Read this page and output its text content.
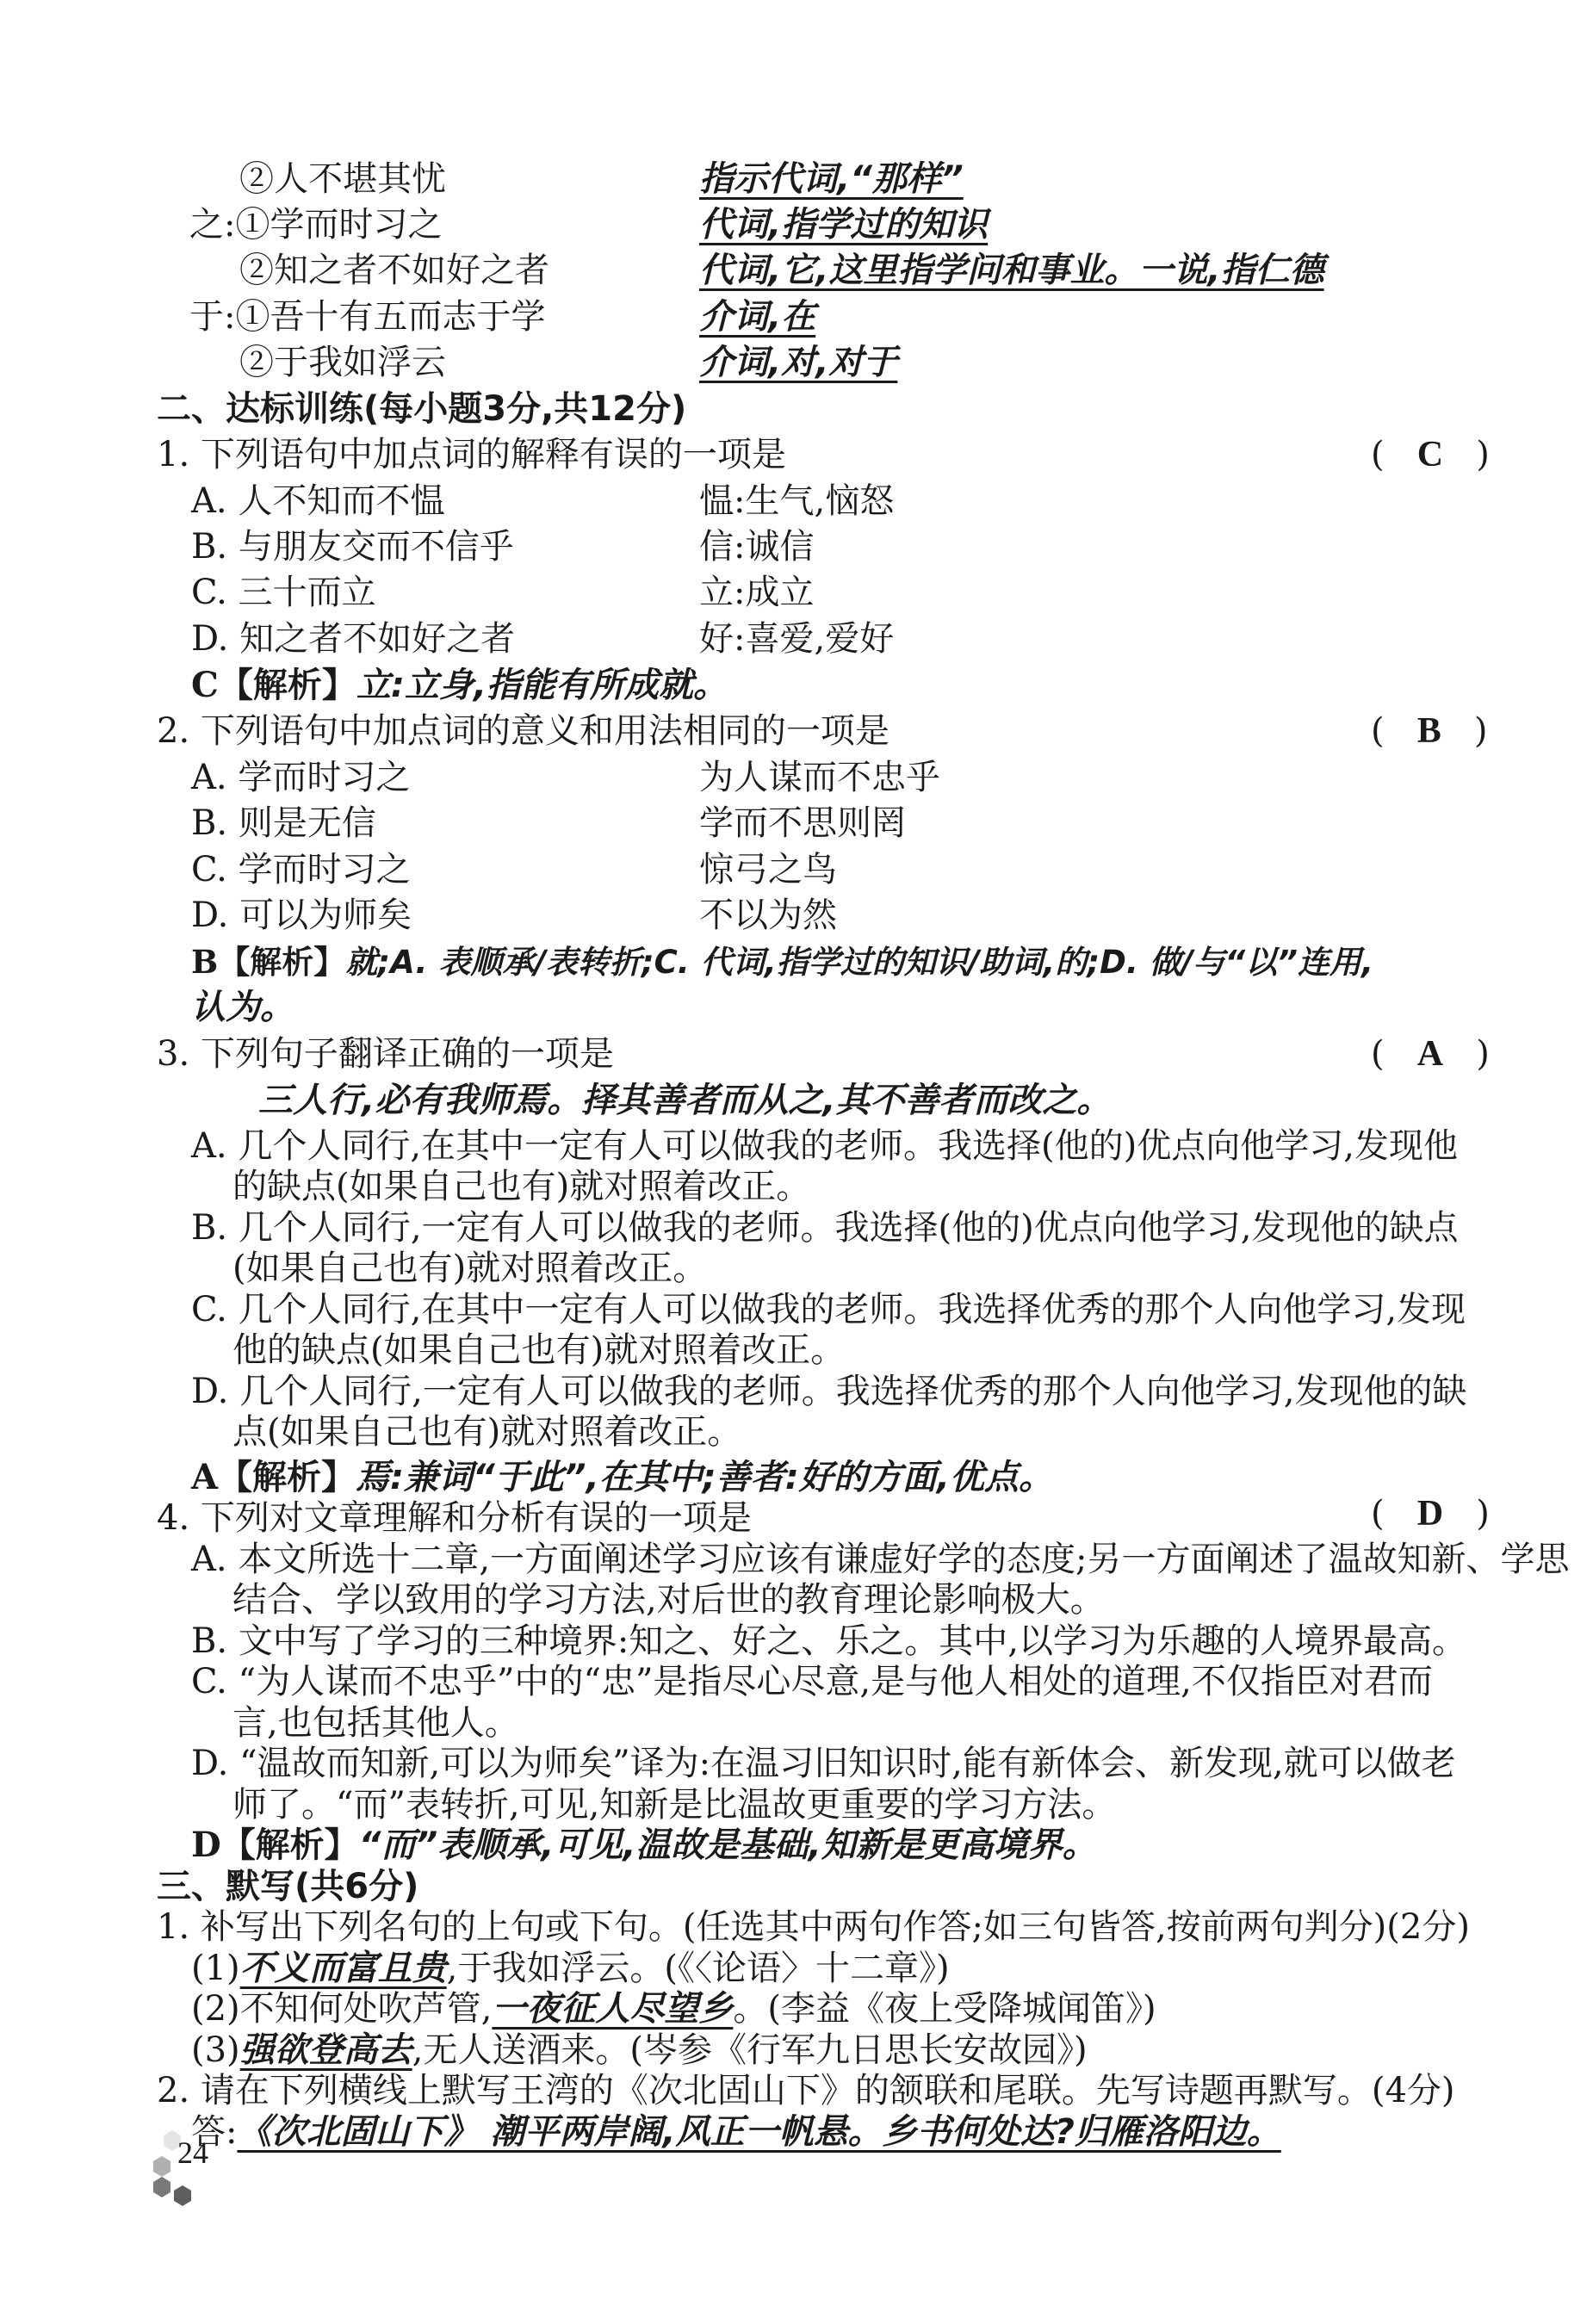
②人不堪其忧	指示代词,“那样”
之:①学而时习之	代词,指学过的知识
②知之者不如好之者	代词,它,这里指学问和事业。一说,指仁德
于:①吾十有五而志于学	介词,在
②于我如浮云	介词,对,对于
二、达标训练(每小题3分,共12分)
1. 下列语句中加点词的解释有误的一项是	(   C   )
A. 人不知而不愠	愠:生气,恼怒
B. 与朋友交而不信乎	信:诚信
C. 三十而立	立:成立
D. 知之者不如好之者	好:喜爱,爱好
C【解析】立:立身,指能有所成就。
2. 下列语句中加点词的意义和用法相同的一项是	(   B   )
A. 学而时习之	为人谋而不忠乎
B. 则是无信	学而不思则罔
C. 学而时习之	惊弓之鸟
D. 可以为师矣	不以为然
B【解析】就;A. 表顺承/表转折;C. 代词,指学过的知识/助词,的;D. 做/与“以”连用,
认为。
3. 下列句子翻译正确的一项是	(   A   )
三人行,必有我师焉。择其善者而从之,其不善者而改之。
A. 几个人同行,在其中一定有人可以做我的老师。我选择(他的)优点向他学习,发现他
的缺点(如果自己也有)就对照着改正。
B. 几个人同行,一定有人可以做我的老师。我选择(他的)优点向他学习,发现他的缺点
(如果自己也有)就对照着改正。
C. 几个人同行,在其中一定有人可以做我的老师。我选择优秀的那个人向他学习,发现
他的缺点(如果自己也有)就对照着改正。
D. 几个人同行,一定有人可以做我的老师。我选择优秀的那个人向他学习,发现他的缺
点(如果自己也有)就对照着改正。
A【解析】焉:兼词“于此”,在其中;善者:好的方面,优点。
4. 下列对文章理解和分析有误的一项是	(   D   )
A. 本文所选十二章,一方面阐述学习应该有谦虚好学的态度;另一方面阐述了温故知新、学思
结合、学以致用的学习方法,对后世的教育理论影响极大。
B. 文中写了学习的三种境界:知之、好之、乐之。其中,以学习为乐趣的人境界最高。
C. “为人谋而不忠乎”中的“忠”是指尽心尽意,是与他人相处的道理,不仅指臣对君而
言,也包括其他人。
D. “温故而知新,可以为师矣”译为:在温习旧知识时,能有新体会、新发现,就可以做老
师了。“而”表转折,可见,知新是比温故更重要的学习方法。
D【解析】“而”表顺承,可见,温故是基础,知新是更高境界。
三、默写(共6分)
1. 补写出下列名句的上句或下句。(任选其中两句作答;如三句皆答,按前两句判分)(2分)
(1)不义而富且贵,于我如浮云。(《〈论语〉十二章》)
(2)不知何处吹芦管,一夜征人尽望乡。(李益《夜上受降城闻笛》)
(3)强欲登高去,无人送酒来。(岑参《行军九日思长安故园》)
2. 请在下列横线上默写王湾的《次北固山下》的颔联和尾联。先写诗题再默写。(4分)
答:《次北固山下》 潮平两岸阔,风正一帆悬。乡书何处达?归雁洛阳边。
24
